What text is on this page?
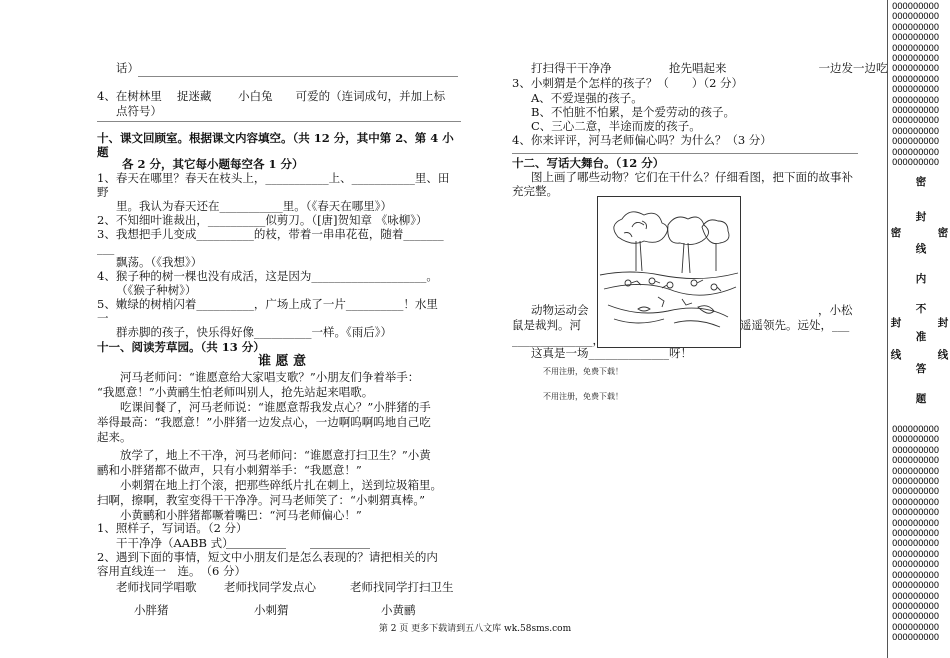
话）
4、在树林里　 捉迷藏　　 小白兔　　可爱的（连词成句，并加上标
点符号）
十、课文回顾室。根据课文内容填空。（共 12 分，其中第 2、第 4 小
题
各 2 分，其它每小题每空各 1 分）
1、春天在哪里？春天在枝头上，___________上、___________里、田
野
里。我认为春天还在___________里。（《春天在哪里》）
2、不知细叶谁裁出，__________似剪刀。（[唐]贺知章 《咏柳》）
3、我想把手儿变成__________的枝，带着一串串花苞，随着_______
___
飘荡。（《我想》）
4、猴子种的树一棵也没有成活，这是因为____________________。
（《猴子种树》）
5、嫩绿的树梢闪着__________，广场上成了一片__________！水里
一
群赤脚的孩子，快乐得好像__________一样。《雨后》）
十一、阅读芳草园。（共 13 分）
谁 愿 意
河马老师问：“谁愿意给大家唱支歌？”小朋友们争着举手：
“我愿意！”小黄鹂生怕老师叫别人，抢先站起来唱歌。
吃课间餐了，河马老师说：“谁愿意帮我发点心？”小胖猪的手
举得最高：“我愿意！”小胖猪一边发点心，一边啊呜啊呜地自己吃
起来。
放学了，地上不干净，河马老师问：“谁愿意打扫卫生？”小黄
鹂和小胖猪都不做声，只有小刺猬举手：“我愿意！”
小刺猬在地上打个滚，把那些碎纸片扎在刺上，送到垃圾箱里。
扫啊，擦啊，教室变得干干净净。河马老师笑了：“小刺猬真棒。”
小黄鹂和小胖猪都噘着嘴巴：“河马老师偏心！”
1、照样子，写词语。（2 分）
干干净净（AABB 式）
2、遇到下面的事情，短文中小朋友们是怎么表现的？请把相关的内
容用直线连一　连。　（6 分）
老师找同学唱歌 老师找同学发点心	老师找同学打扫卫生
小胖猪	小刺猬	小黄鹂
打扫得干干净净　　　　　抢先唱起来　　　　　　　　一边发一边吃
3、小刺猬是个怎样的孩子？（　　）（2 分）
A、不爱逞强的孩子。
B、不怕脏不怕累，是个爱劳动的孩子。
C、三心二意，半途而废的孩子。
4、你来评评，河马老师偏心吗？为什么？（3 分）
十二、写话大舞台。（12 分）
图上画了哪些动物？它们在干什么？仔细看图，把下面的故事补
充完整。
动物运动会	，小松
鼠是裁判。河	遥遥领先。远处，___
______________，初起了没大的生。
这真是一场______________呀！
不用注册，免费下载！
不用注册，免费下载！
OOOOOOOOO
OOOOOOOOO
OOOOOOOOO
OOOOOOOOO
OOOOOOOOO
OOOOOOOOO
OOOOOOOOO
OOOOOOOOO
OOOOOOOOO
OOOOOOOOO
OOOOOOOOO
OOOOOOOOO
OOOOOOOOO
OOOOOOOOO
OOOOOOOOO
OOOOOOOOO
OOOOOOOOO
OOOOOOOOO
OOOOOOOOO
OOOOOOOOO
OOOOOOOOO
OOOOOOOOO
OOOOOOOOO
OOOOOOOOO
OOOOOOOOO
OOOOOOOOO
OOOOOOOOO
OOOOOOOOO
OOOOOOOOO
OOOOOOOOO
OOOOOOOOO
OOOOOOOOO
OOOOOOOOO
OOOOOOOOO
OOOOOOOOO
OOOOOOOOO
OOOOOOOOO
密
封
线
内
不
准
答
题
密
封
线
密
封
线
第 2 页 更多下载请到五八文库 wk.58sms.com
